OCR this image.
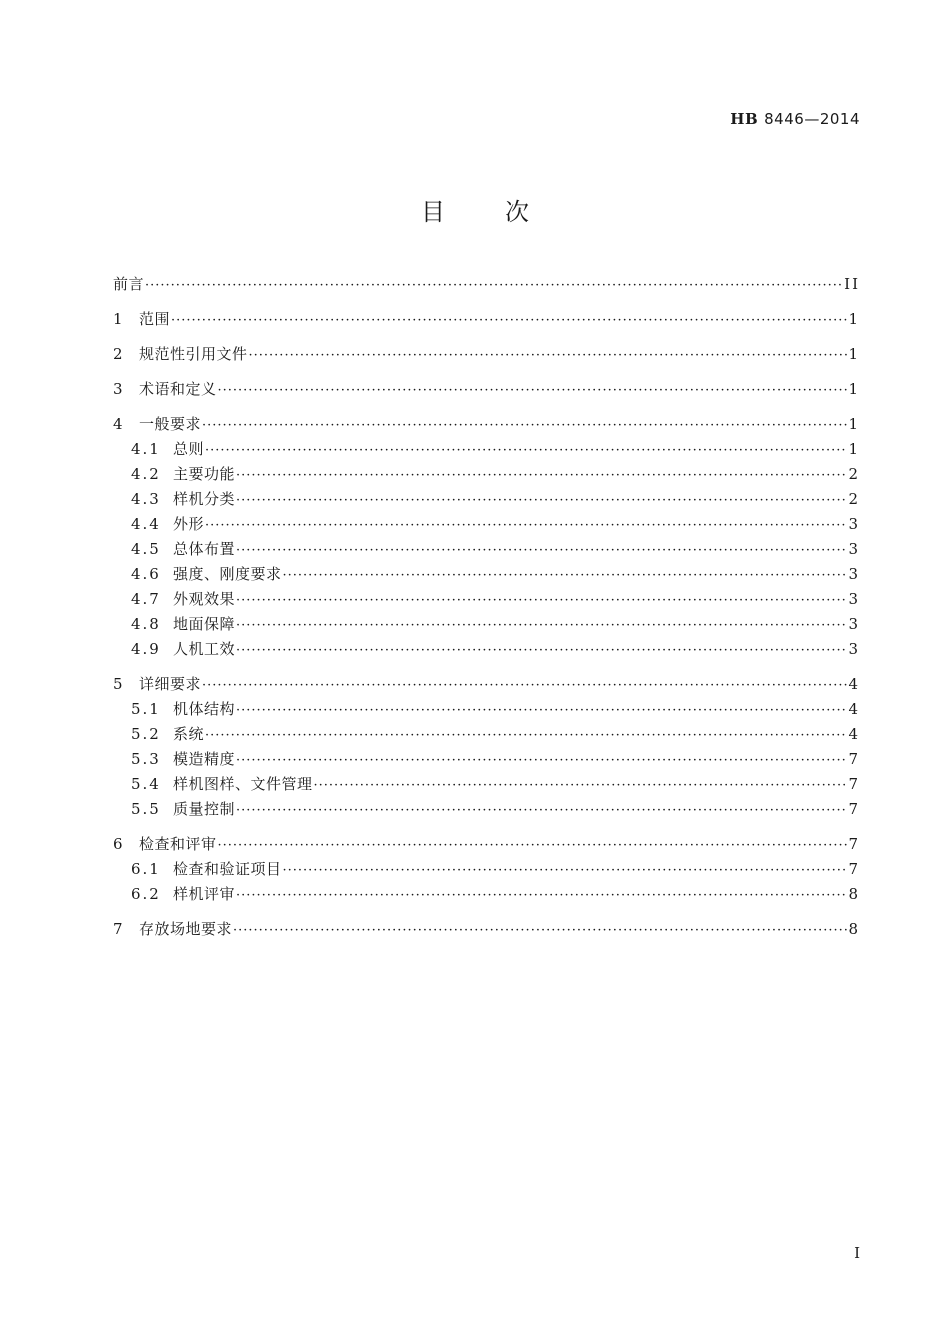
HB 8446—2014
目	次
前言 ·····	II
1 范围 ·····	1
2 规范性引用文件 ·····	1
3 术语和定义 ·····	1
4 一般要求 ·····	1
4.1 总则 ·····	1
4.2 主要功能 ·····	2
4.3 样机分类 ·····	2
4.4 外形 ·····	3
4.5 总体布置 ·····	3
4.6 强度、刚度要求 ·····	3
4.7 外观效果 ·····	3
4.8 地面保障 ·····	3
4.9 人机工效 ·····	3
5 详细要求 ·····	4
5.1 机体结构 ·····	4
5.2 系统 ·····	4
5.3 模造精度 ·····	7
5.4 样机图样、文件管理 ·····	7
5.5 质量控制 ·····	7
6 检查和评审 ·····	7
6.1 检查和验证项目 ·····	7
6.2 样机评审 ·····	8
7 存放场地要求 ·····	8
I
